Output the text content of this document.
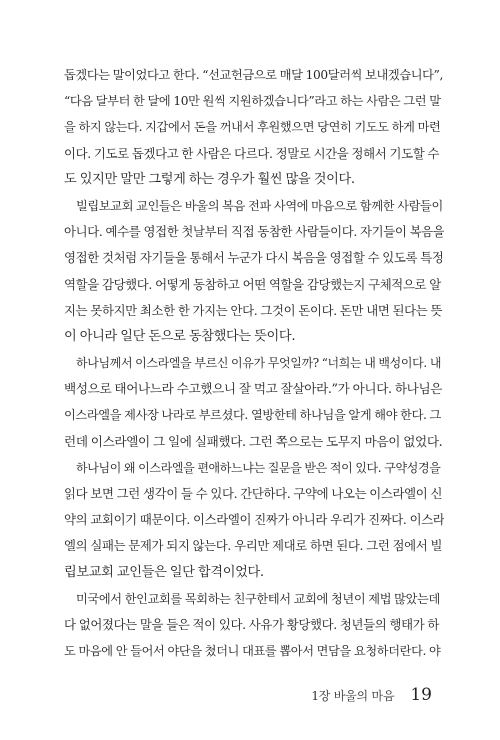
돕겠다는 말이었다고 한다. “선교헌금으로 매달 100달러씩 보내겠습니다”,
“다음 달부터 한 달에 10만 원씩 지원하겠습니다”라고 하는 사람은 그런 말
을 하지 않는다. 지갑에서 돈을 꺼내서 후원했으면 당연히 기도도 하게 마련
이다. 기도로 돕겠다고 한 사람은 다르다. 정말로 시간을 정해서 기도할 수
도 있지만 말만 그렇게 하는 경우가 훨씬 많을 것이다.
빌립보교회 교인들은 바울의 복음 전파 사역에 마음으로 함께한 사람들이
아니다. 예수를 영접한 첫날부터 직접 동참한 사람들이다. 자기들이 복음을
영접한 것처럼 자기들을 통해서 누군가 다시 복음을 영접할 수 있도록 특정
역할을 감당했다. 어떻게 동참하고 어떤 역할을 감당했는지 구체적으로 알
지는 못하지만 최소한 한 가지는 안다. 그것이 돈이다. 돈만 내면 된다는 뜻
이 아니라 일단 돈으로 동참했다는 뜻이다.
하나님께서 이스라엘을 부르신 이유가 무엇일까? “너희는 내 백성이다. 내
백성으로 태어나느라 수고했으니 잘 먹고 잘살아라.”가 아니다. 하나님은
이스라엘을 제사장 나라로 부르셨다. 열방한테 하나님을 알게 해야 한다. 그
런데 이스라엘이 그 일에 실패했다. 그런 쪽으로는 도무지 마음이 없었다.
하나님이 왜 이스라엘을 편애하느냐는 질문을 받은 적이 있다. 구약성경을
읽다 보면 그런 생각이 들 수 있다. 간단하다. 구약에 나오는 이스라엘이 신
약의 교회이기 때문이다. 이스라엘이 진짜가 아니라 우리가 진짜다. 이스라
엘의 실패는 문제가 되지 않는다. 우리만 제대로 하면 된다. 그런 점에서 빌
립보교회 교인들은 일단 합격이었다.
미국에서 한인교회를 목회하는 친구한테서 교회에 청년이 제법 많았는데
다 없어졌다는 말을 들은 적이 있다. 사유가 황당했다. 청년들의 행태가 하
도 마음에 안 들어서 야단을 쳤더니 대표를 뽑아서 면담을 요청하더란다. 야
1장 바울의 마음 19
